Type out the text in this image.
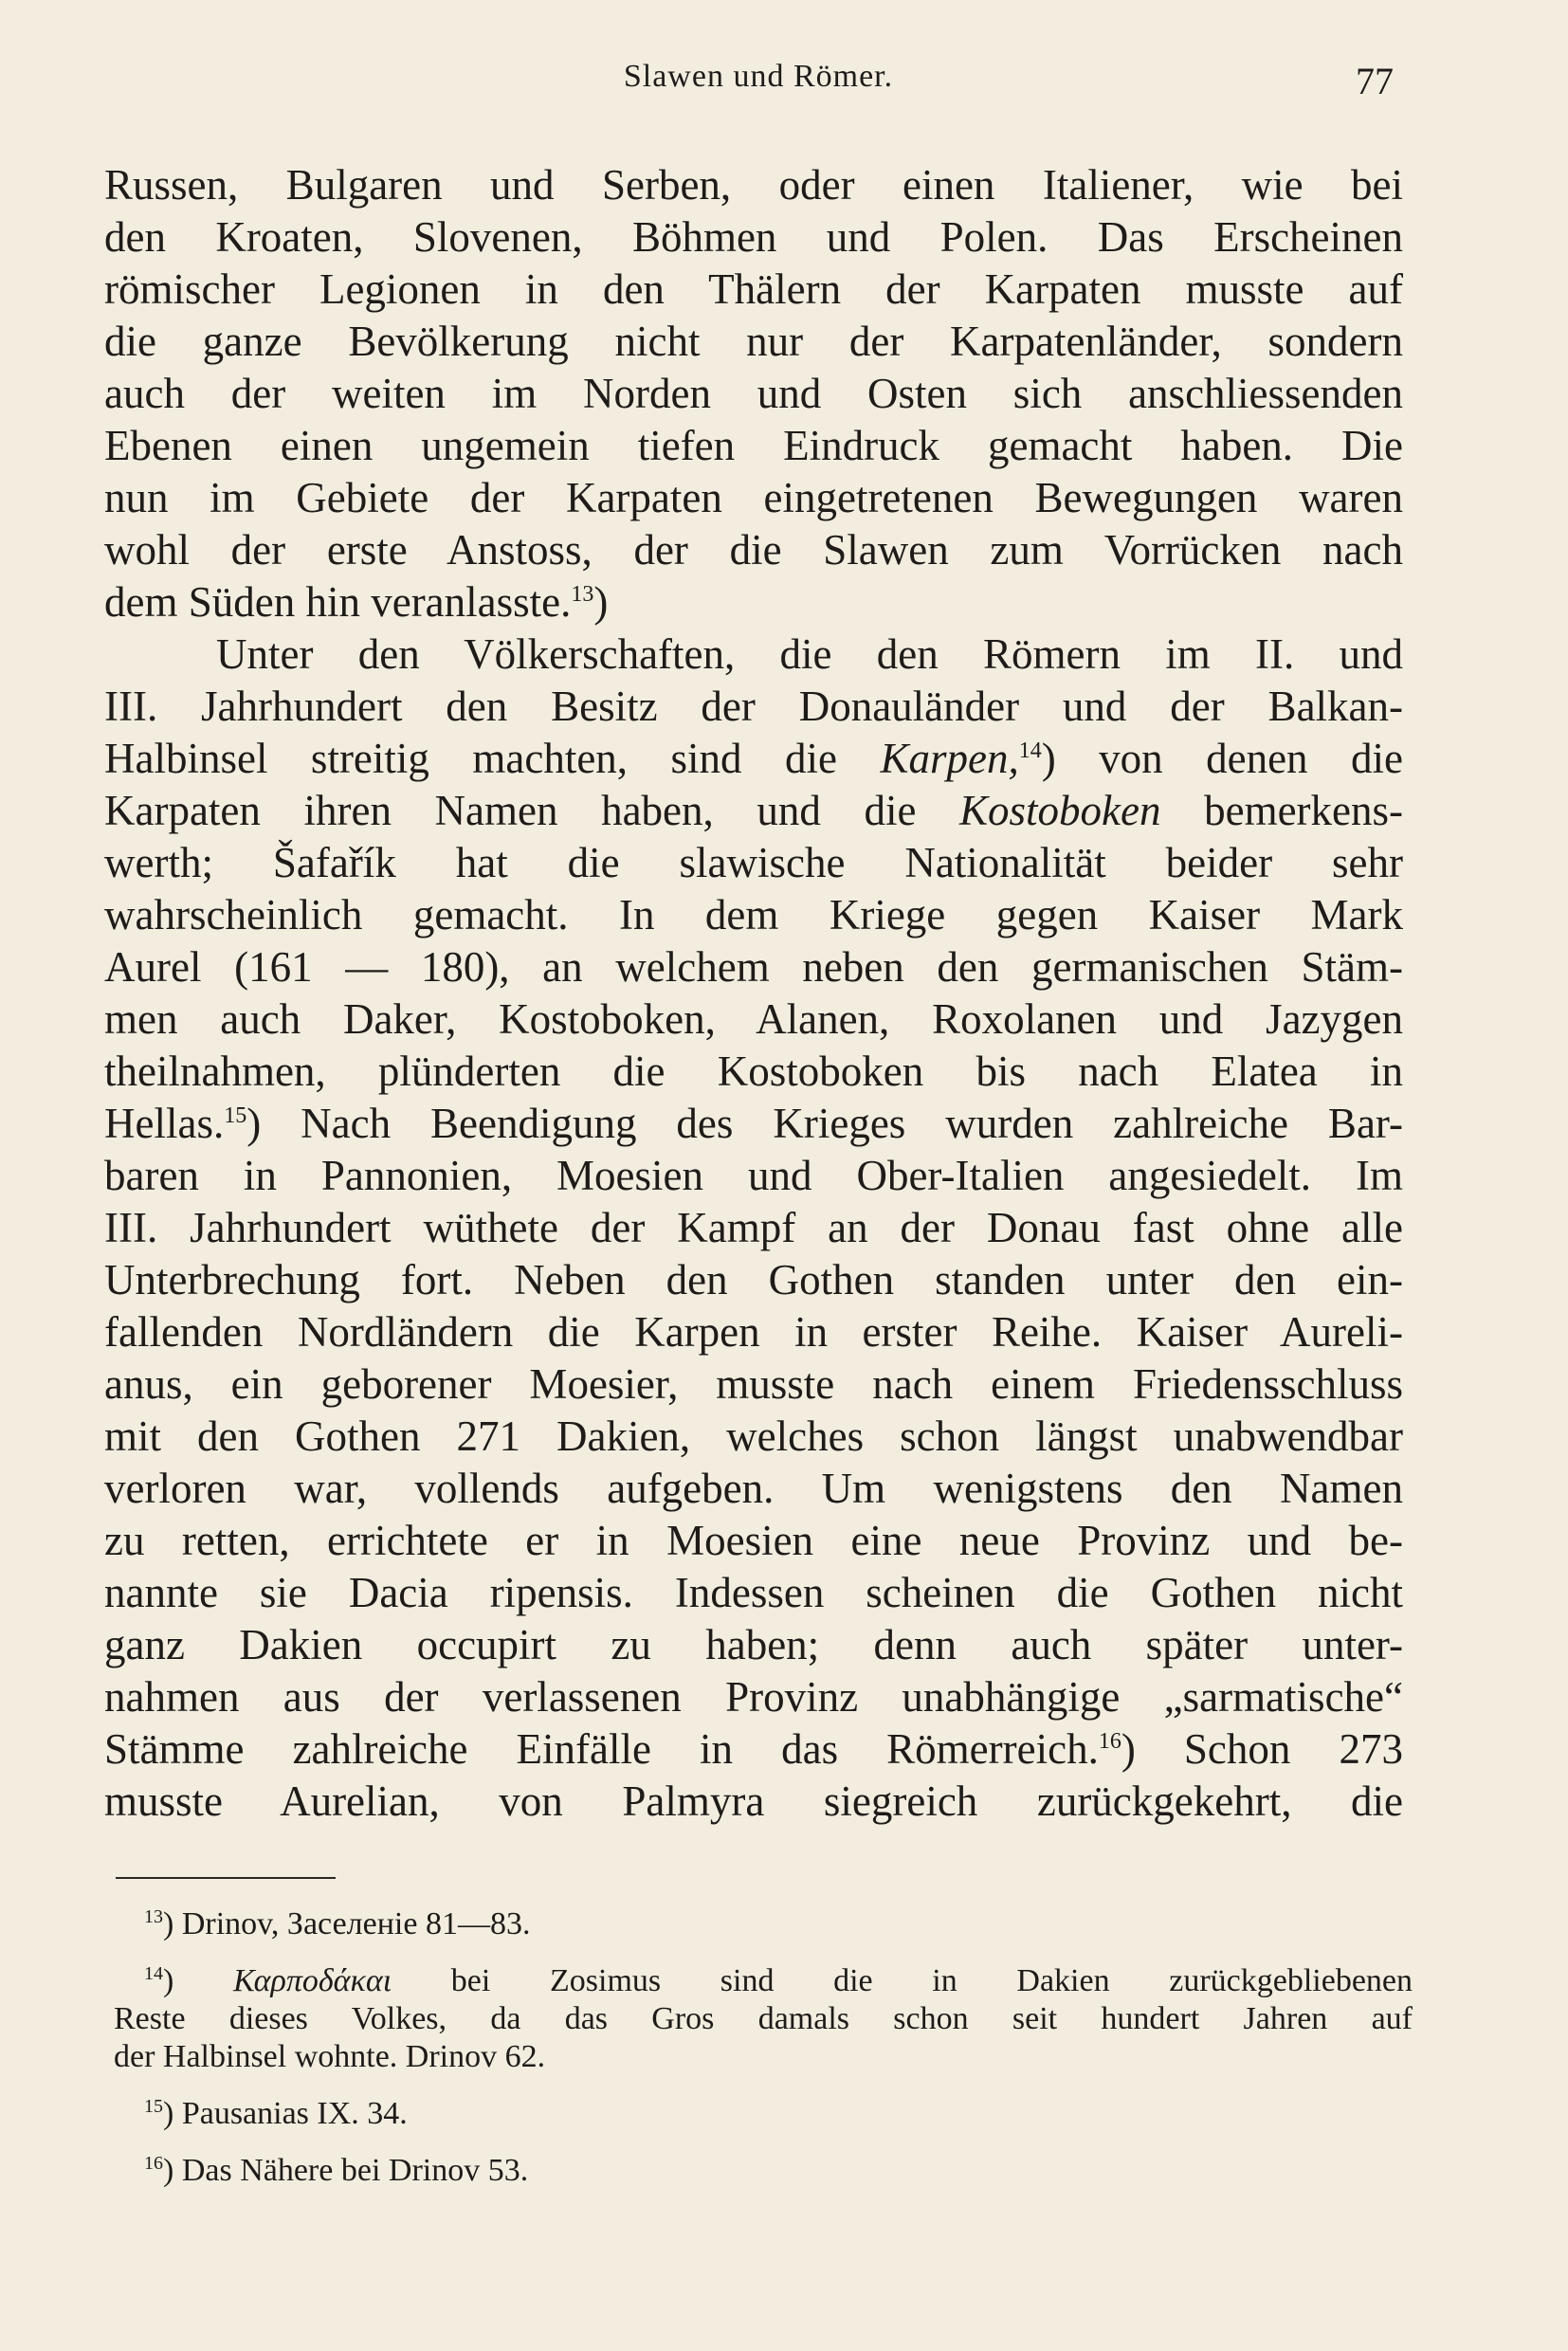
Slawen und Römer.	77
Russen, Bulgaren und Serben, oder einen Italiener, wie bei
den Kroaten, Slovenen, Böhmen und Polen. Das Erscheinen
römischer Legionen in den Thälern der Karpaten musste auf
die ganze Bevölkerung nicht nur der Karpatenländer, sondern
auch der weiten im Norden und Osten sich anschliessenden
Ebenen einen ungemein tiefen Eindruck gemacht haben. Die
nun im Gebiete der Karpaten eingetretenen Bewegungen waren
wohl der erste Anstoss, der die Slawen zum Vorrücken nach
dem Süden hin veranlasste.$^{13}$)
Unter den Völkerschaften, die den Römern im II. und
III. Jahrhundert den Besitz der Donauländer und der Balkan-
Halbinsel streitig machten, sind die Karpen,$^{14}$) von denen die
Karpaten ihren Namen haben, und die Kostoboken bemerkens-
werth; Šafařík hat die slawische Nationalität beider sehr
wahrscheinlich gemacht. In dem Kriege gegen Kaiser Mark
Aurel (161 — 180), an welchem neben den germanischen Stäm-
men auch Daker, Kostoboken, Alanen, Roxolanen und Jazygen
theilnahmen, plünderten die Kostoboken bis nach Elatea in
Hellas.$^{15}$) Nach Beendigung des Krieges wurden zahlreiche Bar-
baren in Pannonien, Moesien und Ober-Italien angesiedelt. Im
III. Jahrhundert wüthete der Kampf an der Donau fast ohne alle
Unterbrechung fort. Neben den Gothen standen unter den ein-
fallenden Nordländern die Karpen in erster Reihe. Kaiser Aureli-
anus, ein geborener Moesier, musste nach einem Friedensschluss
mit den Gothen 271 Dakien, welches schon längst unabwendbar
verloren war, vollends aufgeben. Um wenigstens den Namen
zu retten, errichtete er in Moesien eine neue Provinz und be-
nannte sie Dacia ripensis. Indessen scheinen die Gothen nicht
ganz Dakien occupirt zu haben; denn auch später unter-
nahmen aus der verlassenen Provinz unabhängige „sarmatische“
Stämme zahlreiche Einfälle in das Römerreich.$^{16}$) Schon 273
musste Aurelian, von Palmyra siegreich zurückgekehrt, die
$^{13}$) Drinov, Заселеніе 81—83.
$^{14}$) Καρποδάκαι bei Zosimus sind die in Dakien zurückgebliebenen
Reste dieses Volkes, da das Gros damals schon seit hundert Jahren auf
der Halbinsel wohnte. Drinov 62.
$^{15}$) Pausanias IX. 34.
$^{16}$) Das Nähere bei Drinov 53.
